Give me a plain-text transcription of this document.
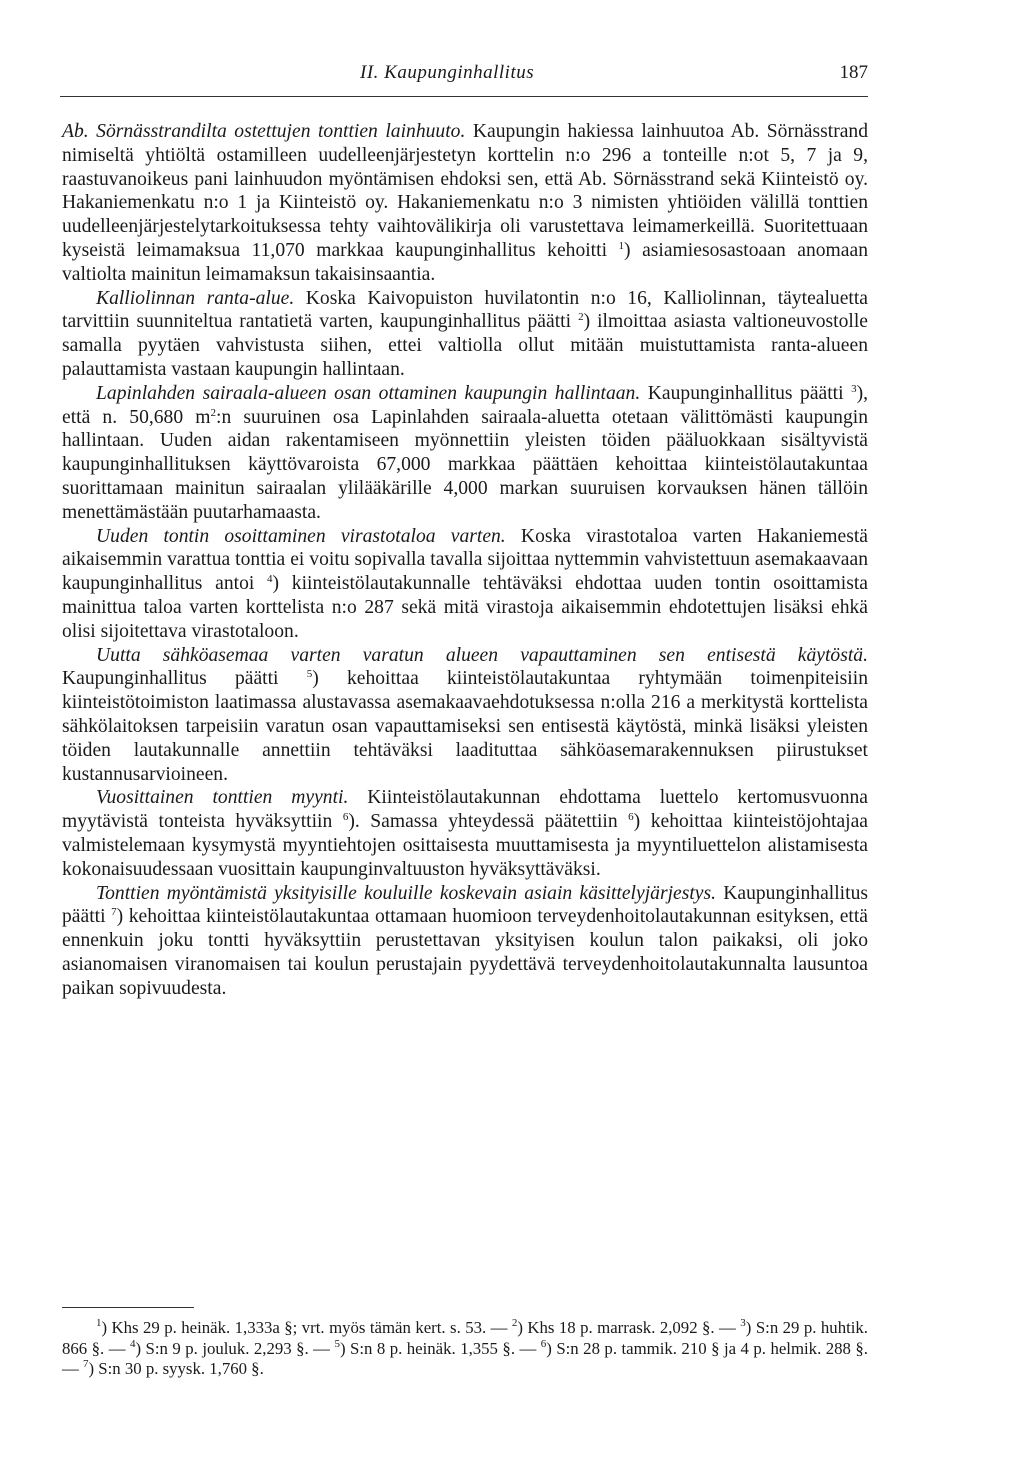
II. Kaupunginhallitus	187

Ab. Sörnässtrandilta ostettujen tonttien lainhuuto. Kaupungin hakiessa lainhuutoa Ab. Sörnässtrand nimiseltä yhtiöltä ostamilleen uudelleenjärjestetyn korttelin n:o 296 a tonteille n:ot 5, 7 ja 9, raastuvanoikeus pani lainhuudon myöntämisen ehdoksi sen, että Ab. Sörnässtrand sekä Kiinteistö oy. Hakaniemenkatu n:o 1 ja Kiinteistö oy. Hakaniemenkatu n:o 3 nimisten yhtiöiden välillä tonttien uudelleenjärjestelytarkoituksessa tehty vaihtovälikirja oli varustettava leimamerkeillä. Suoritettuaan kyseistä leimamaksua 11,070 markkaa kaupunginhallitus kehoitti $^1$) asiamiesosastoaan anomaan valtiolta mainitun leimamaksun takaisinsaantia.

Kalliolinnan ranta-alue. Koska Kaivopuiston huvilatontin n:o 16, Kalliolinnan, täytealuetta tarvittiin suunniteltua rantatietä varten, kaupunginhallitus päätti $^2$) ilmoittaa asiasta valtioneuvostolle samalla pyytäen vahvistusta siihen, ettei valtiolla ollut mitään muistuttamista ranta-alueen palauttamista vastaan kaupungin hallintaan.

Lapinlahden sairaala-alueen osan ottaminen kaupungin hallintaan. Kaupunginhallitus päätti $^3$), että n. 50,680 $m^2:n$ suuruinen osa Lapinlahden sairaala-aluetta otetaan välittömästi kaupungin hallintaan. Uuden aidan rakentamiseen myönnettiin yleisten töiden pääluokkaan sisältyvistä kaupunginhallituksen käyttövaroista 67,000 markkaa päättäen kehoittaa kiinteistölautakuntaa suorittamaan mainitun sairaalan ylilääkärille 4,000 markan suuruisen korvauksen hänen tällöin menettämästään puutarhamaasta.

Uuden tontin osoittaminen virastotaloa varten. Koska virastotaloa varten Hakaniemestä aikaisemmin varattua tonttia ei voitu sopivalla tavalla sijoittaa nyttemmin vahvistettuun asemakaavaan kaupunginhallitus antoi $^4$) kiinteistölautakunnalle tehtäväksi ehdottaa uuden tontin osoittamista mainittua taloa varten korttelista n:o 287 sekä mitä virastoja aikaisemmin ehdotettujen lisäksi ehkä olisi sijoitettava virastotaloon.

Uutta sähköasemaa varten varatun alueen vapauttaminen sen entisestä käytöstä. Kaupunginhallitus päätti $^5$) kehoittaa kiinteistölautakuntaa ryhtymään toimenpiteisiin kiinteistötoimiston laatimassa alustavassa asemakaavaehdotuksessa n:olla 216 a merkitystä korttelista sähkölaitoksen tarpeisiin varatun osan vapauttamiseksi sen entisestä käytöstä, minkä lisäksi yleisten töiden lautakunnalle annettiin tehtäväksi laadituttaa sähköasemarakennuksen piirustukset kustannusarvioineen.

Vuosittainen tonttien myynti. Kiinteistölautakunnan ehdottama luettelo kertomusvuonna myytävistä tonteista hyväksyttiin $^6$). Samassa yhteydessä päätettiin $^6$) kehoittaa kiinteistöjohtajaa valmistelemaan kysymystä myyntiehtojen osittaisesta muuttamisesta ja myyntiluettelon alistamisesta kokonaisuudessaan vuosittain kaupunginvaltuuston hyväksyttäväksi.

Tonttien myöntämistä yksityisille kouluille koskevain asiain käsittelyjärjestys. Kaupunginhallitus päätti $^7$) kehoittaa kiinteistölautakuntaa ottamaan huomioon terveydenhoitolautakunnan esityksen, että ennenkuin joku tontti hyväksyttiin perustettavan yksityisen koulun talon paikaksi, oli joko asianomaisen viranomaisen tai koulun perustajain pyydettävä terveydenhoitolautakunnalta lausuntoa paikan sopivuudesta.

$^1$) Khs 29 p. heinäk. 1,333a §; vrt. myös tämän kert. s. 53. — $^2$) Khs 18 p. marrask. 2,092 §. — $^3$) S:n 29 p. huhtik. 866 §. — $^4$) S:n 9 p. jouluk. 2,293 §. — $^5$) S:n 8 p. heinäk. 1,355 §. — $^6$) S:n 28 p. tammik. 210 § ja 4 p. helmik. 288 §. — $^7$) S:n 30 p. syysk. 1,760 §.
